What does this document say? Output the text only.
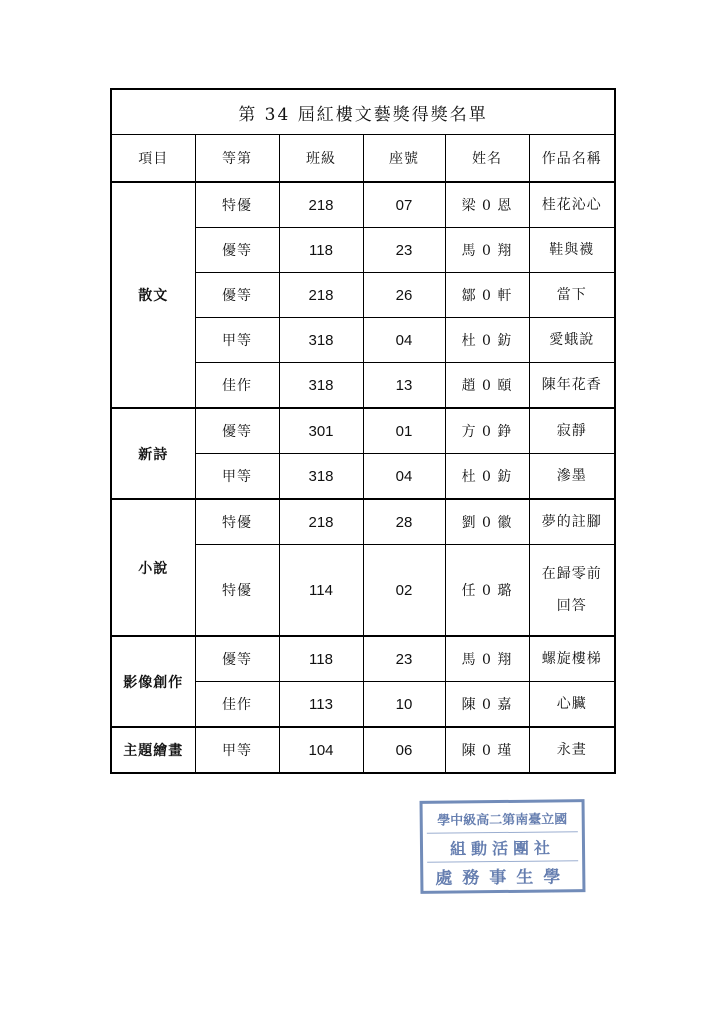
第 34 屆紅樓文藝獎得獎名單					
項目	等第	班級	座號	姓名	作品名稱
散文	特優	218	07	梁 0 恩	桂花沁心
	優等	118	23	馬 0 翔	鞋與襪
	優等	218	26	鄒 0 軒	當下
	甲等	318	04	杜 0 鈁	愛蛾說
	佳作	318	13	趙 0 頤	陳年花香
新詩	優等	301	01	方 0 錚	寂靜
	甲等	318	04	杜 0 鈁	滲墨
小說	特優	218	28	劉 0 徽	夢的註腳
	特優	114	02	任 0 璐	在歸零前
回答

影像創作	優等	118	23	馬 0 翔	螺旋樓梯
	佳作	113	10	陳 0 嘉	心臟
主題繪畫	甲等	104	06	陳 0 瑾	永晝
學中級高二第南臺立國
組動活團社
處務事生學
